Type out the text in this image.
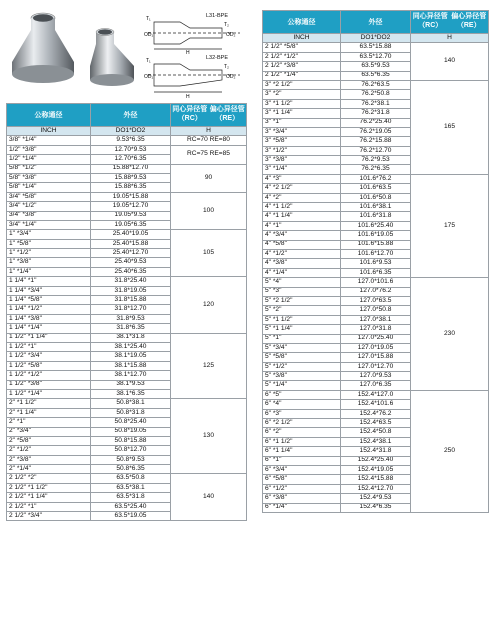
L31-BPE
L32-BPE
T₁
T₂
OD₁	OD₂
H
T₁
T₂
OD₁	OD₂
H
公称通径	外径	同心异径管
（RC）
偏心异径管
（RE）

INCH	DO1*DO2	H
3/8" *1/4"	9.53*6.35	RC=70 RE=80
1/2" *3/8"	12.70*9.53	RC=75 RE=85
1/2" *1/4"	12.70*6.35	
5/8" *1/2"	15.88*12.70	90
5/8" *3/8"	15.88*9.53	
5/8" *1/4"	15.88*6.35	
3/4" *5/8"	19.05*15.88	100
3/4" *1/2"	19.05*12.70	
3/4" *3/8"	19.05*9.53	
3/4" *1/4"	19.05*6.35	
1" *3/4"	25.40*19.05	105
1" *5/8"	25.40*15.88	
1" *1/2"	25.40*12.70	
1" *3/8"	25.40*9.53	
1" *1/4"	25.40*6.35	
1 1/4" *1"	31.8*25.40	120
1 1/4" *3/4"	31.8*19.05	
1 1/4" *5/8"	31.8*15.88	
1 1/4" *1/2"	31.8*12.70	
1 1/4" *3/8"	31.8*9.53	
1 1/4" *1/4"	31.8*6.35	
1 1/2" *1 1/4"	38.1*31.8	125
1 1/2" *1"	38.1*25.40	
1 1/2" *3/4"	38.1*19.05	
1 1/2" *5/8"	38.1*15.88	
1 1/2" *1/2"	38.1*12.70	
1 1/2" *3/8"	38.1*9.53	
1 1/2" *1/4"	38.1*6.35	
2" *1 1/2"	50.8*38.1	130
2" *1 1/4"	50.8*31.8	
2" *1"	50.8*25.40	
2" *3/4"	50.8*19.05	
2" *5/8"	50.8*15.88	
2" *1/2"	50.8*12.70	
2" *3/8"	50.8*9.53	
2" *1/4"	50.8*6.35	
2 1/2" *2"	63.5*50.8	140
2 1/2" *1 1/2"	63.5*38.1	
2 1/2" *1 1/4"	63.5*31.8	
2 1/2" *1"	63.5*25.40	
2 1/2" *3/4"	63.5*19.05	
公称通径	外径	同心异径管
（RC）
偏心异径管
（RE）

INCH	DO1*DO2	H
2 1/2" *5/8"	63.5*15.88	140
2 1/2" *1/2"	63.5*12.70	
2 1/2" *3/8"	63.5*9.53	
2 1/2" *1/4"	63.5*6.35	
3" *2 1/2"	76.2*63.5	165
3" *2"	76.2*50.8	
3" *1 1/2"	76.2*38.1	
3" *1 1/4"	76.2*31.8	
3" *1"	76.2*25.40	
3" *3/4"	76.2*19.05	
3" *5/8"	76.2*15.88	
3" *1/2"	76.2*12.70	
3" *3/8"	76.2*9.53	
3" *1/4"	76.2*6.35	
4" *3"	101.6*76.2	175
4" *2 1/2"	101.6*63.5	
4" *2"	101.6*50.8	
4" *1 1/2"	101.6*38.1	
4" *1 1/4"	101.6*31.8	
4" *1"	101.6*25.40	
4" *3/4"	101.6*19.05	
4" *5/8"	101.6*15.88	
4" *1/2"	101.6*12.70	
4" *3/8"	101.6*9.53	
4" *1/4"	101.6*6.35	
5" *4"	127.0*101.6	230
5" *3"	127.0*76.2	
5" *2 1/2"	127.0*63.5	
5" *2"	127.0*50.8	
5" *1 1/2"	127.0*38.1	
5" *1 1/4"	127.0*31.8	
5" *1"	127.0*25.40	
5" *3/4"	127.0*19.05	
5" *5/8"	127.0*15.88	
5" *1/2"	127.0*12.70	
5" *3/8"	127.0*9.53	
5" *1/4"	127.0*6.35	
6" *5"	152.4*127.0	250
6" *4"	152.4*101.6	
6" *3"	152.4*76.2	
6" *2 1/2"	152.4*63.5	
6" *2"	152.4*50.8	
6" *1 1/2"	152.4*38.1	
6" *1 1/4"	152.4*31.8	
6" *1"	152.4*25.40	
6" *3/4"	152.4*19.05	
6" *5/8"	152.4*15.88	
6" *1/2"	152.4*12.70	
6" *3/8"	152.4*9.53	
6" *1/4"	152.4*6.35	
